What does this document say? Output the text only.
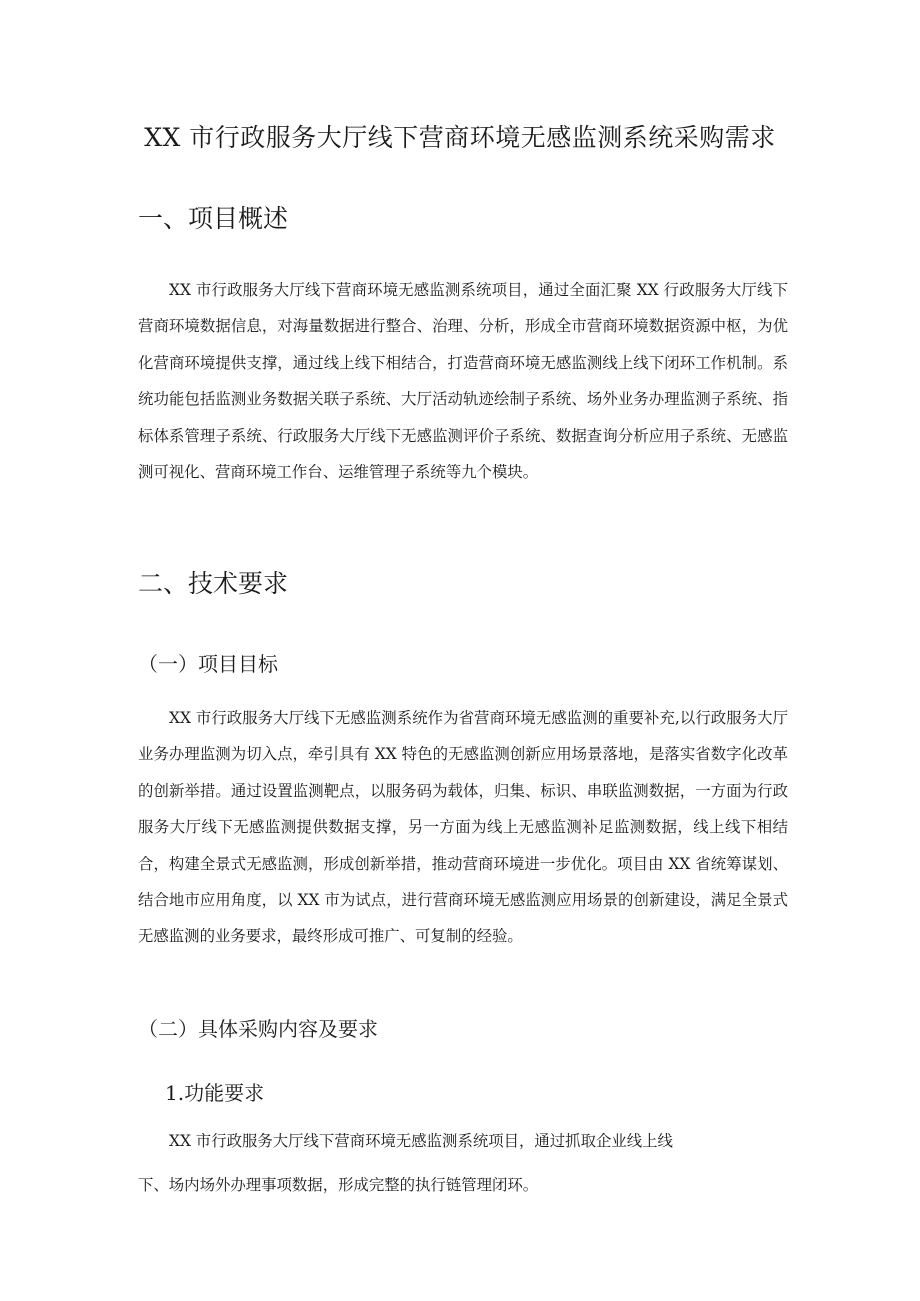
XX 市行政服务大厅线下营商环境无感监测系统采购需求
一、项目概述

XX 市行政服务大厅线下营商环境无感监测系统项目，通过全面汇聚 XX 行政服务大厅线下营商环境数据信息，对海量数据进行整合、治理、分析，形成全市营商环境数据资源中枢，为优化营商环境提供支撑，通过线上线下相结合，打造营商环境无感监测线上线下闭环工作机制。系统功能包括监测业务数据关联子系统、大厅活动轨迹绘制子系统、场外业务办理监测子系统、指标体系管理子系统、行政服务大厅线下无感监测评价子系统、数据查询分析应用子系统、无感监测可视化、营商环境工作台、运维管理子系统等九个模块。

二、技术要求
（一）项目目标

XX 市行政服务大厅线下无感监测系统作为省营商环境无感监测的重要补充,以行政服务大厅业务办理监测为切入点，牵引具有 XX 特色的无感监测创新应用场景落地，是落实省数字化改革的创新举措。通过设置监测靶点，以服务码为载体，归集、标识、串联监测数据，一方面为行政服务大厅线下无感监测提供数据支撑，另一方面为线上无感监测补足监测数据，线上线下相结合，构建全景式无感监测，形成创新举措，推动营商环境进一步优化。项目由 XX 省统筹谋划、结合地市应用角度，以 XX 市为试点，进行营商环境无感监测应用场景的创新建设，满足全景式无感监测的业务要求，最终形成可推广、可复制的经验。

（二）具体采购内容及要求
1.功能要求

XX 市行政服务大厅线下营商环境无感监测系统项目，通过抓取企业线上线

下、场内场外办理事项数据，形成完整的执行链管理闭环。
